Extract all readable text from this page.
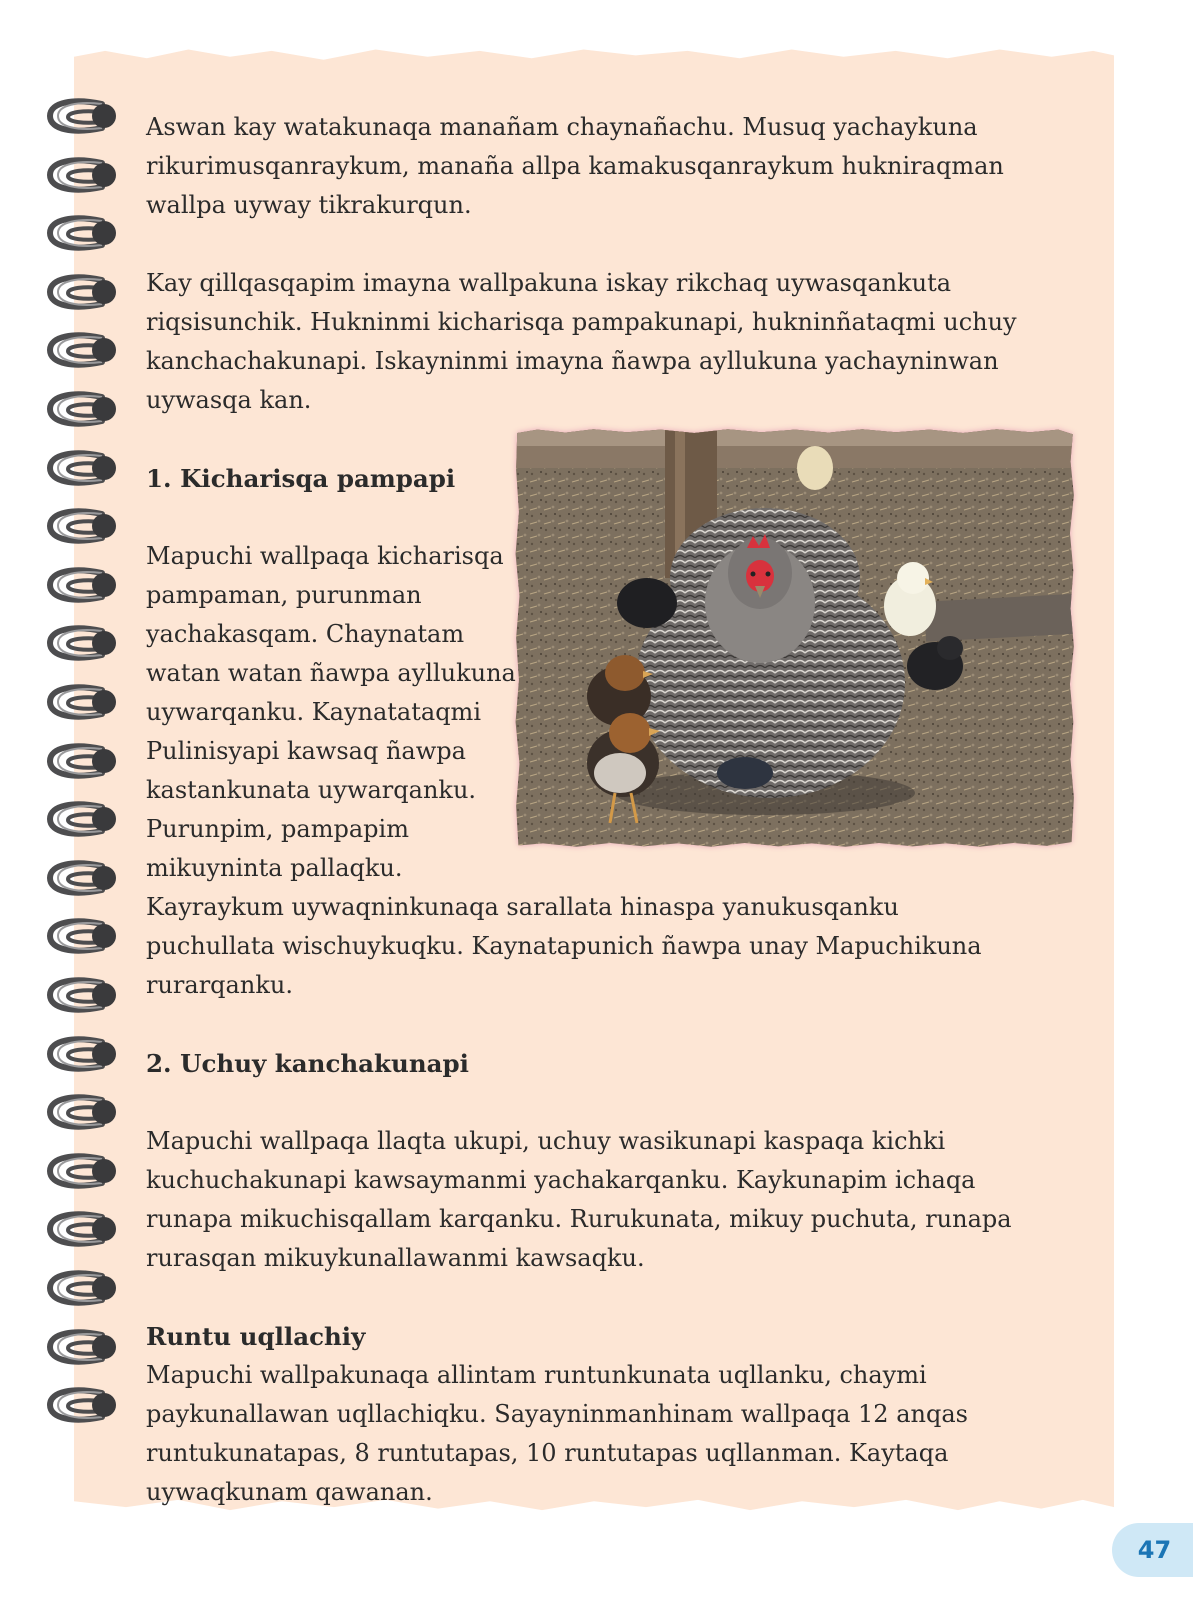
Aswan kay watakunaqa manañam chaynañachu. Musuq yachaykuna rikurimusqanraykum, manaña allpa kamakusqanraykum hukniraqman wallpa uyway tikrakurqun.

Kay qillqasqapim imayna wallpakuna iskay rikchaq uywasqankuta riqsisunchik. Hukninmi kicharisqa pampakunapi, hukninñataqmi uchuy kanchachakunapi. Iskayninmi imayna ñawpa ayllukuna yachayninwan uywasqa kan.

1. Kicharisqa pampapi

Mapuchi wallpaqa kicharisqa

pampaman, purunman

yachakasqam. Chaynatam

watan watan ñawpa ayllukuna

uywarqanku. Kaynatataqmi

Pulinisyapi kawsaq ñawpa

kastankunata uywarqanku.

Purunpim, pampapim

mikuyninta pallaqku.

Kayraykum uywaqninkunaqa sarallata hinaspa yanukusqanku puchullata wischuykuqku. Kaynatapunich ñawpa unay Mapuchikuna rurarqanku.

2. Uchuy kanchakunapi

Mapuchi wallpaqa llaqta ukupi, uchuy wasikunapi kaspaqa kichki kuchuchakunapi kawsaymanmi yachakarqanku. Kaykunapim ichaqa runapa mikuchisqallam karqanku. Rurukunata, mikuy puchuta, runapa rurasqan mikuykunallawanmi kawsaqku.

Runtu uqllachiy

Mapuchi wallpakunaqa allintam runtunkunata uqllanku, chaymi paykunallawan uqllachiqku. Sayayninmanhinam wallpaqa 12 anqas runtukunatapas, 8 runtutapas, 10 runtutapas uqllanman. Kaytaqa uywaqkunam qawanan.

47
